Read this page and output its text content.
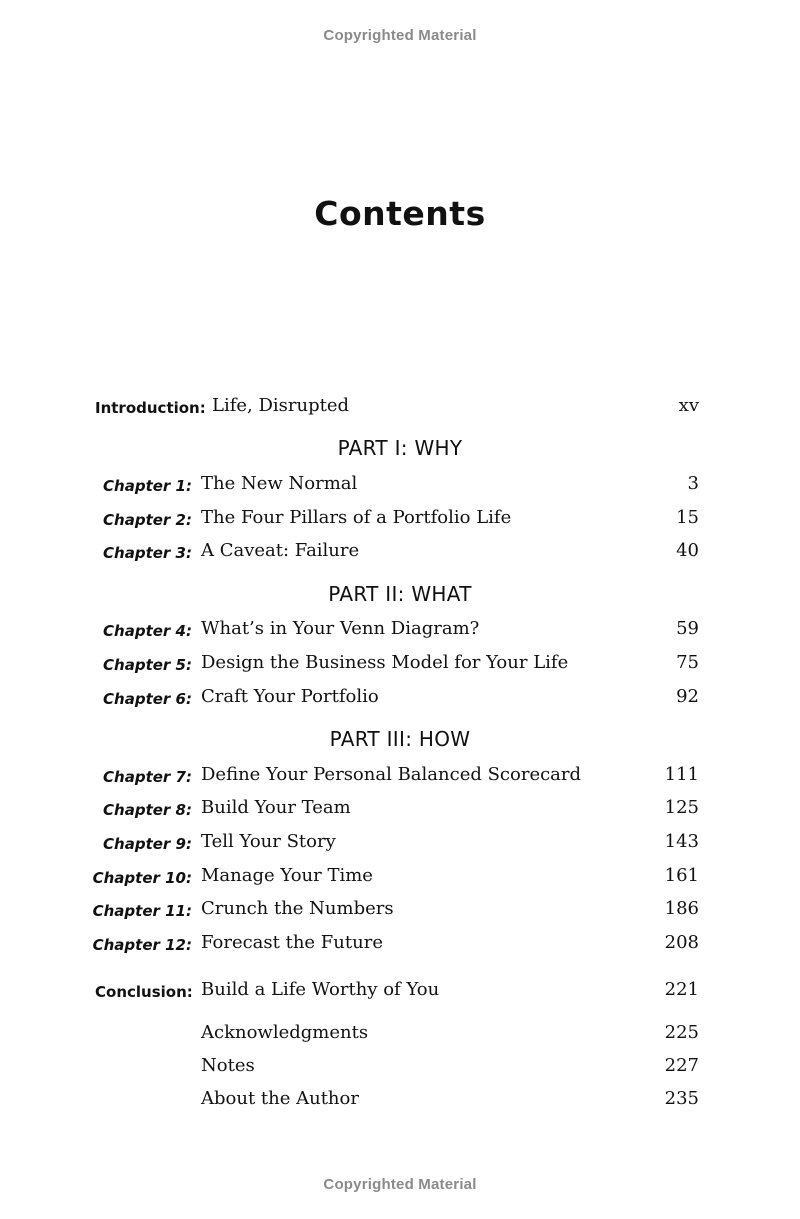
Copyrighted Material
Contents
Introduction: Life, Disrupted	xv
PART I: WHY
Chapter 1: The New Normal	3
Chapter 2: The Four Pillars of a Portfolio Life	15
Chapter 3: A Caveat: Failure	40
PART II: WHAT
Chapter 4: What’s in Your Venn Diagram?	59
Chapter 5: Design the Business Model for Your Life	75
Chapter 6: Craft Your Portfolio	92
PART III: HOW
Chapter 7: Define Your Personal Balanced Scorecard	111
Chapter 8: Build Your Team	125
Chapter 9: Tell Your Story	143
Chapter 10: Manage Your Time	161
Chapter 11: Crunch the Numbers	186
Chapter 12: Forecast the Future	208
Conclusion: Build a Life Worthy of You	221
Acknowledgments	225
Notes	227
About the Author	235
Copyrighted Material
